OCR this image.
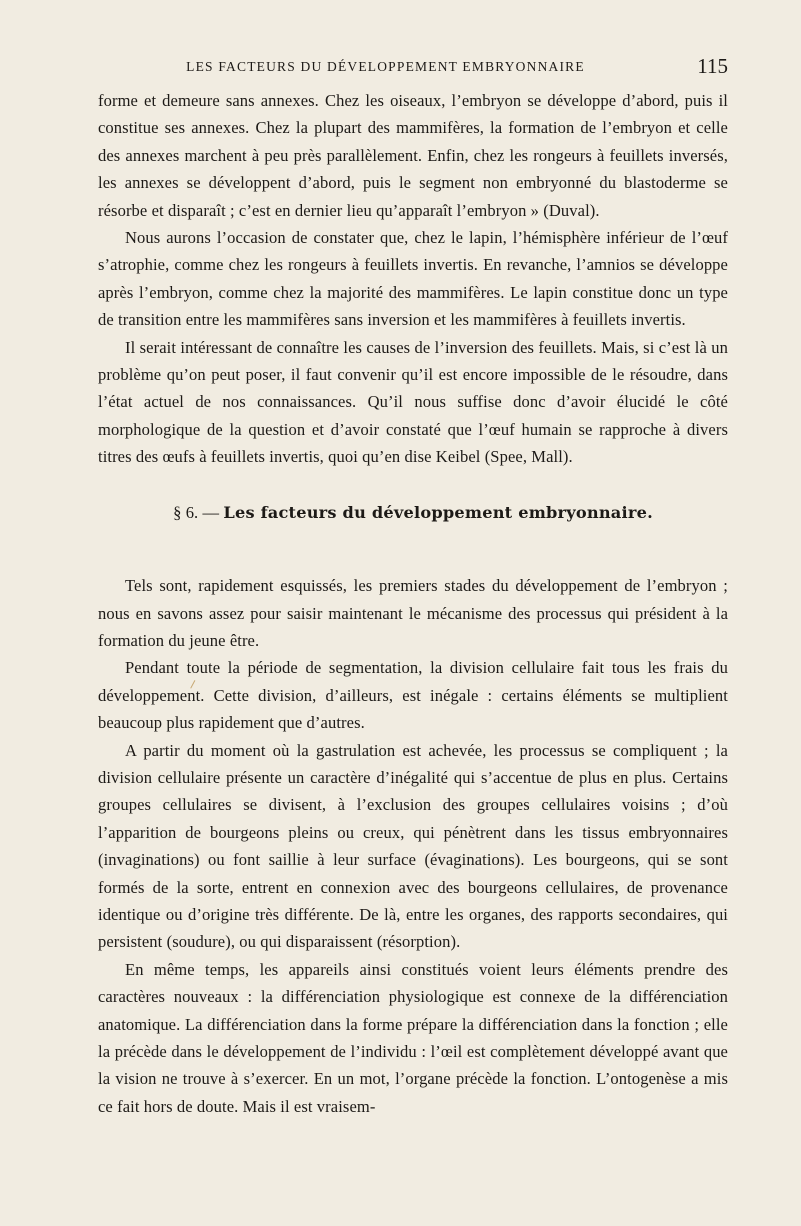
LES FACTEURS DU DÉVELOPPEMENT EMBRYONNAIRE	115

forme et demeure sans annexes. Chez les oiseaux, l’embryon se développe d’abord, puis il constitue ses annexes. Chez la plupart des mammifères, la formation de l’embryon et celle des annexes marchent à peu près parallèlement. Enfin, chez les rongeurs à feuillets inversés, les annexes se développent d’abord, puis le segment non embryonné du blastoderme se résorbe et disparaît ; c’est en dernier lieu qu’apparaît l’embryon » (Duval).

Nous aurons l’occasion de constater que, chez le lapin, l’hémisphère inférieur de l’œuf s’atrophie, comme chez les rongeurs à feuillets invertis. En revanche, l’amnios se développe après l’embryon, comme chez la majorité des mammifères. Le lapin constitue donc un type de transition entre les mammifères sans inversion et les mammifères à feuillets invertis.

Il serait intéressant de connaître les causes de l’inversion des feuillets. Mais, si c’est là un problème qu’on peut poser, il faut convenir qu’il est encore impossible de le résoudre, dans l’état actuel de nos connaissances. Qu’il nous suffise donc d’avoir élucidé le côté morphologique de la question et d’avoir constaté que l’œuf humain se rapproche à divers titres des œufs à feuillets invertis, quoi qu’en dise Keibel (Spee, Mall).

§ 6. — Les facteurs du développement embryonnaire.

Tels sont, rapidement esquissés, les premiers stades du développement de l’embryon ; nous en savons assez pour saisir maintenant le mécanisme des processus qui président à la formation du jeune être.

Pendant toute la période de segmentation, la division cellulaire fait tous les frais du développement. Cette division, d’ailleurs, est inégale : certains éléments se multiplient beaucoup plus rapidement que d’autres.

A partir du moment où la gastrulation est achevée, les processus se compliquent ; la division cellulaire présente un caractère d’inégalité qui s’accentue de plus en plus. Certains groupes cellulaires se divisent, à l’exclusion des groupes cellulaires voisins ; d’où l’apparition de bourgeons pleins ou creux, qui pénètrent dans les tissus embryonnaires (invaginations) ou font saillie à leur surface (évaginations). Les bourgeons, qui se sont formés de la sorte, entrent en connexion avec des bourgeons cellulaires, de provenance identique ou d’origine très différente. De là, entre les organes, des rapports secondaires, qui persistent (soudure), ou qui disparaissent (résorption).

En même temps, les appareils ainsi constitués voient leurs éléments prendre des caractères nouveaux : la différenciation physiologique est connexe de la différenciation anatomique. La différenciation dans la forme prépare la différenciation dans la fonction ; elle la précède dans le développement de l’individu : l’œil est complètement développé avant que la vision ne trouve à s’exercer. En un mot, l’organe précède la fonction. L’ontogenèse a mis ce fait hors de doute. Mais il est vraisem-
